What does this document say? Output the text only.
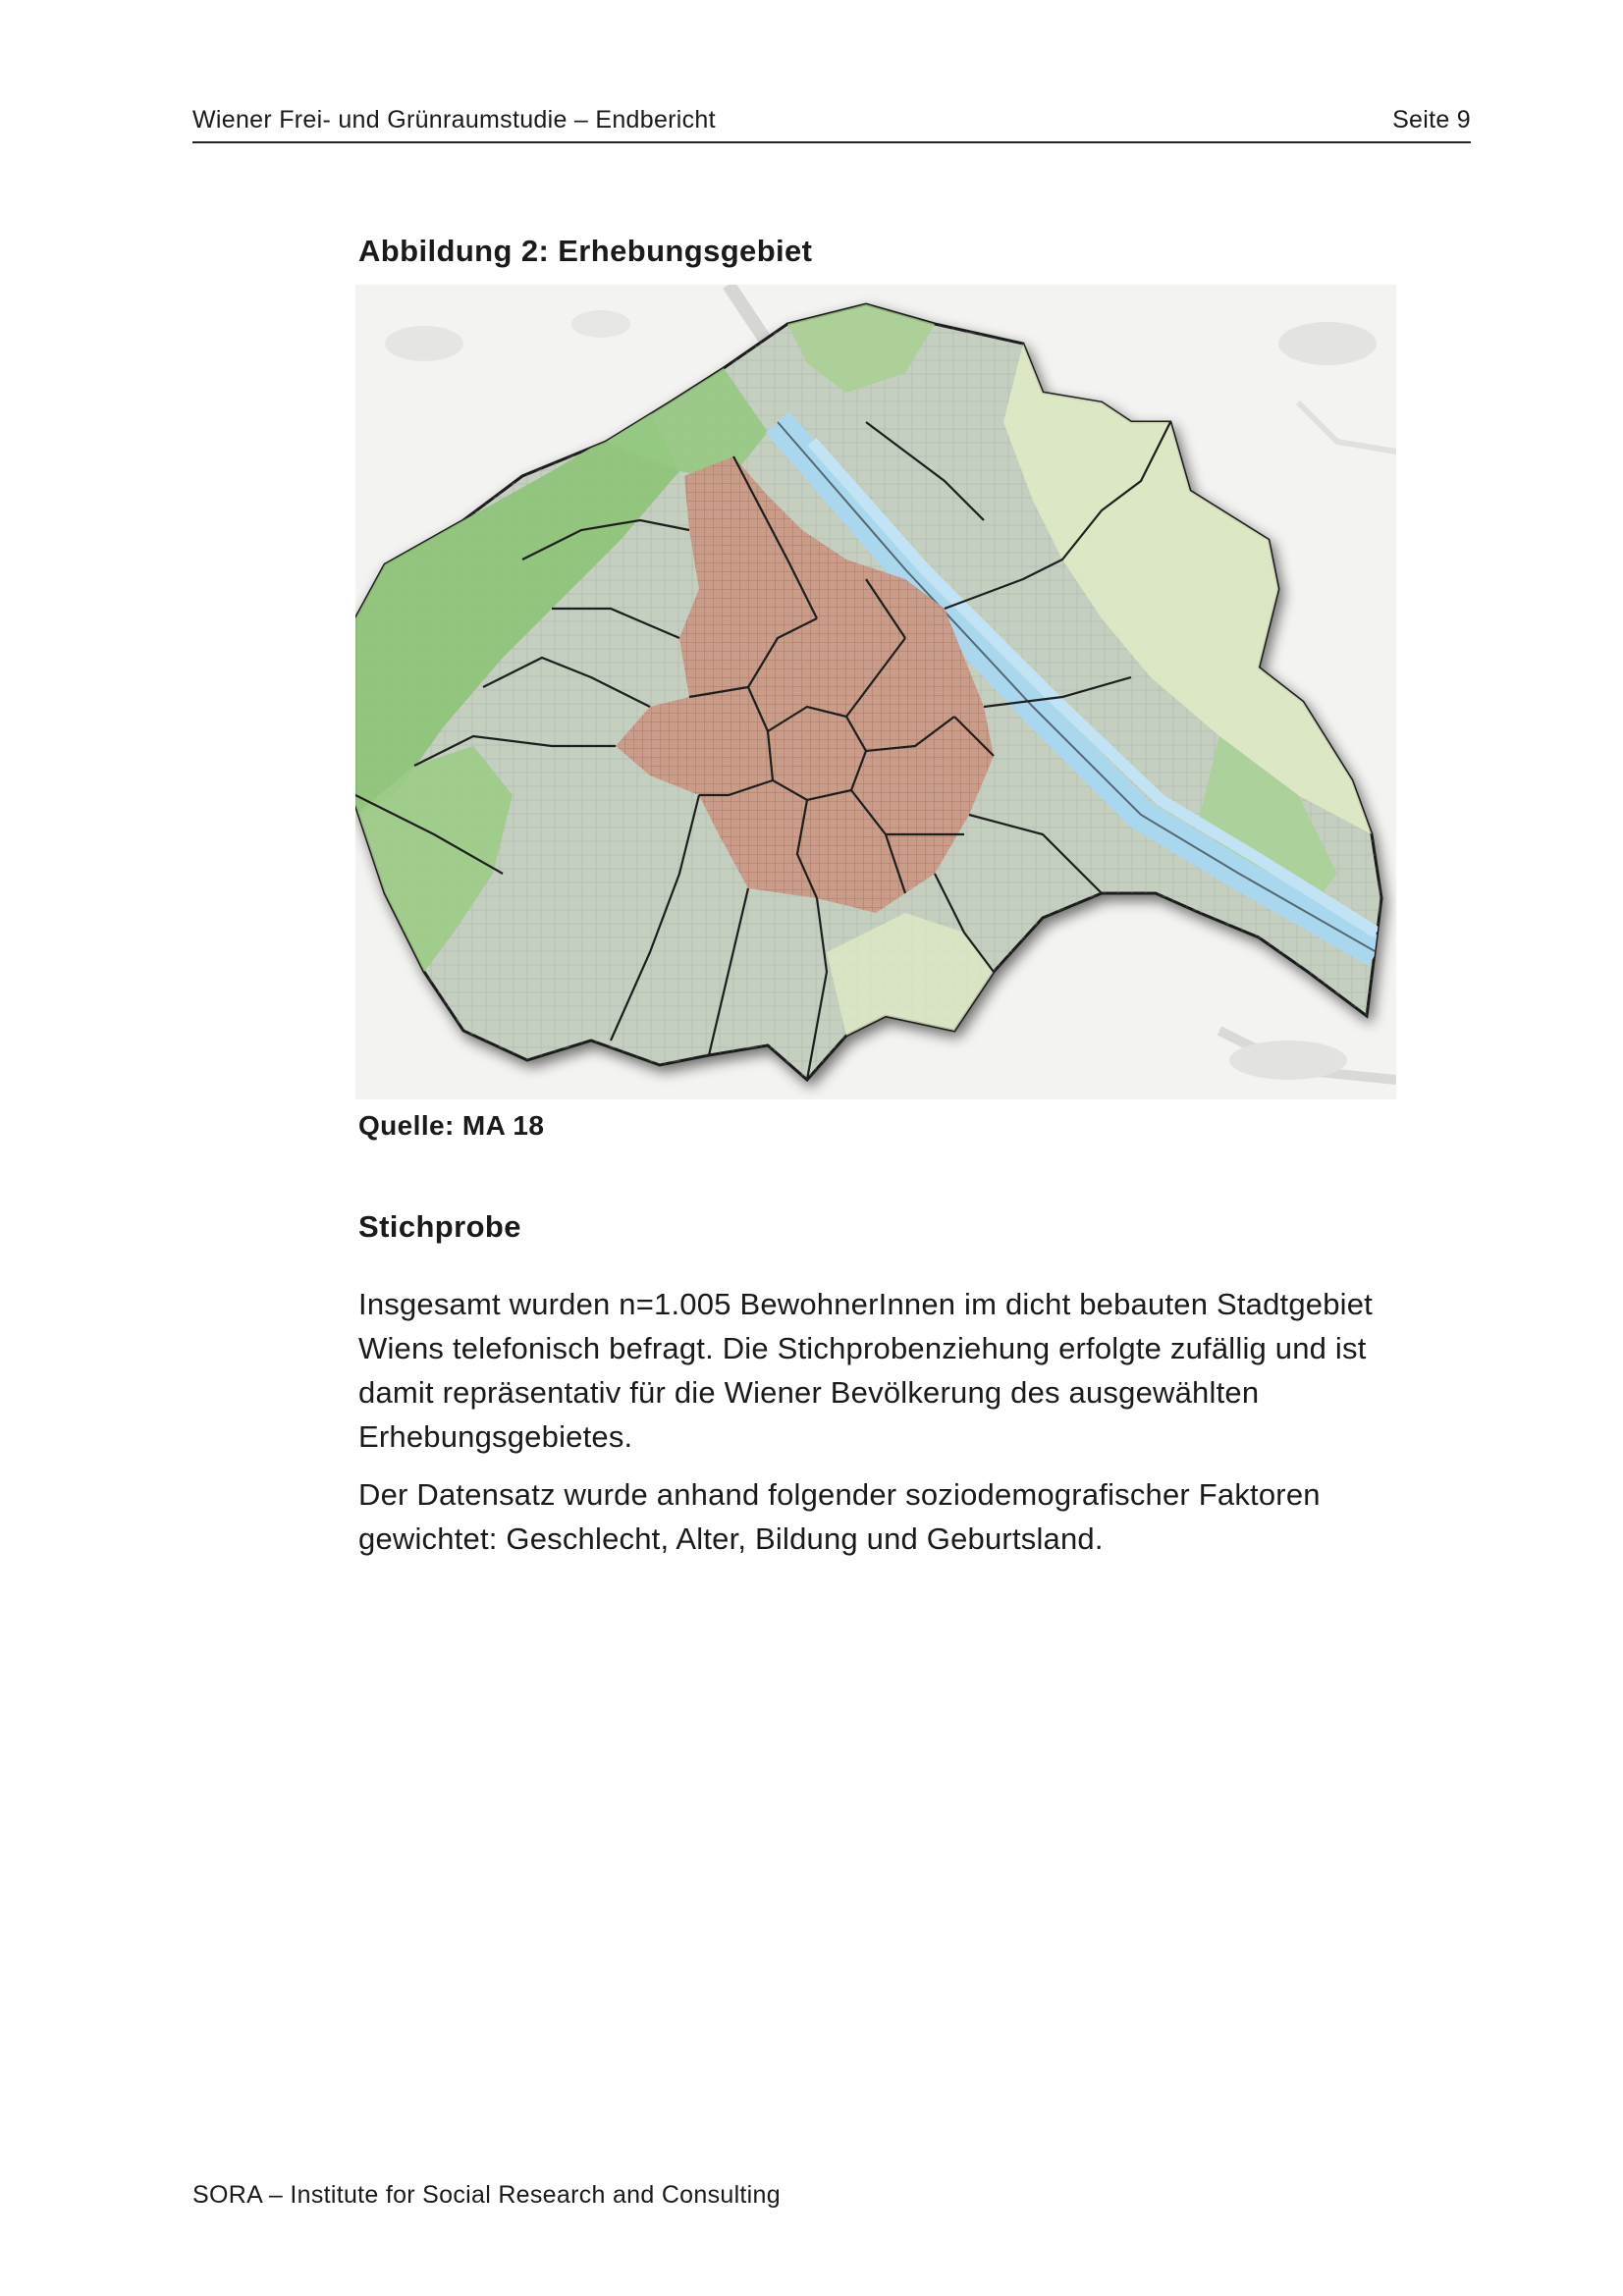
Wiener Frei- und Grünraumstudie – Endbericht	Seite 9
Abbildung 2: Erhebungsgebiet
Quelle: MA 18
Stichprobe

Insgesamt wurden n=1.005 BewohnerInnen im dicht bebauten Stadtgebiet Wiens telefonisch befragt. Die Stichprobenziehung erfolgte zufällig und ist damit repräsentativ für die Wiener Bevölkerung des ausgewählten Erhebungsgebietes.

Der Datensatz wurde anhand folgender soziodemografischer Faktoren gewichtet: Geschlecht, Alter, Bildung und Geburtsland.

SORA – Institute for Social Research and Consulting
